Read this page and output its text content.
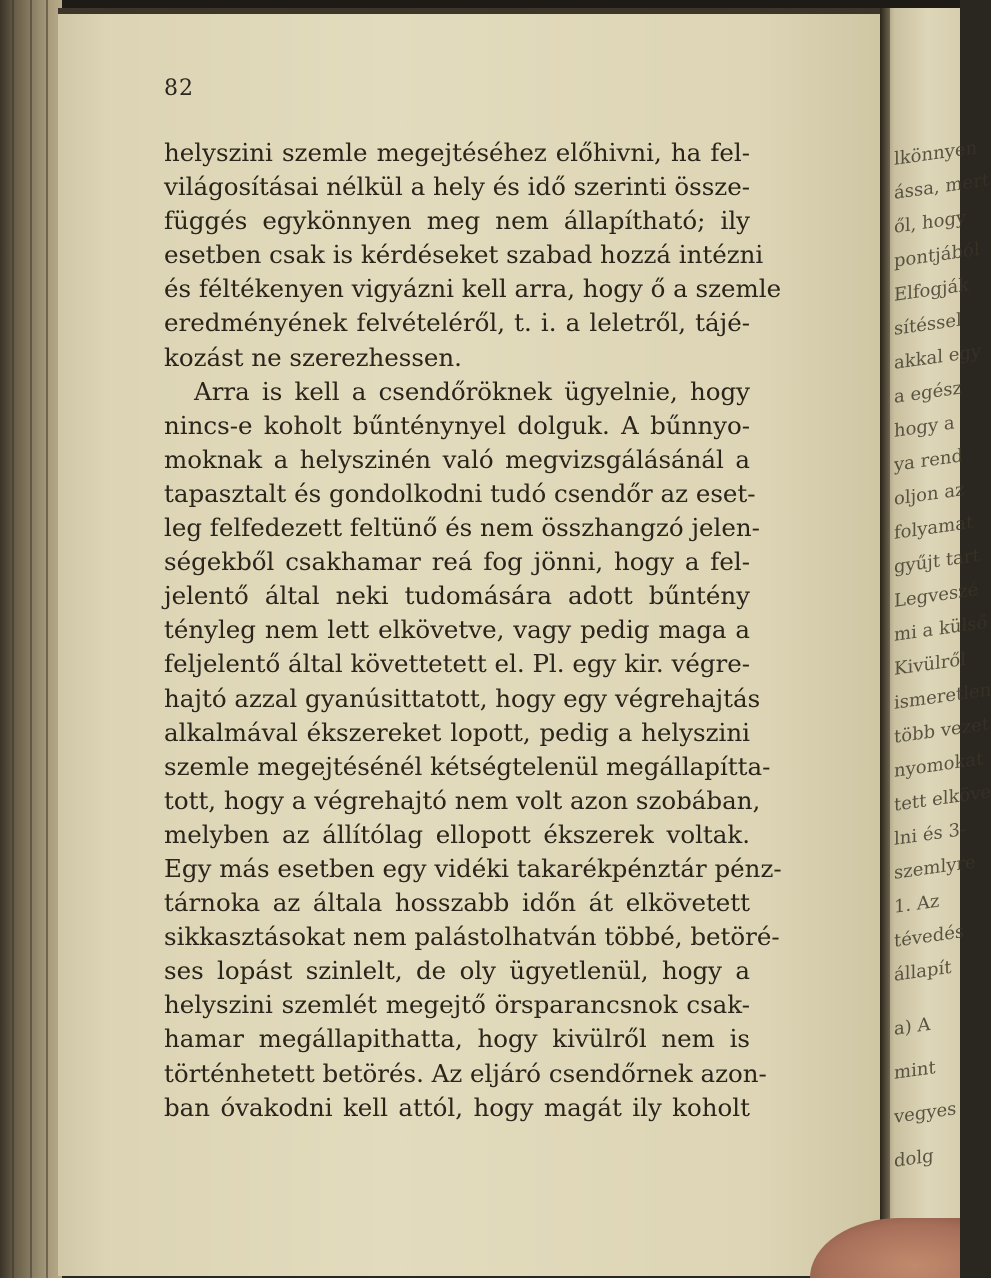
82
helyszini szemle megejtéséhez előhivni, ha fel-
világosításai nélkül a hely és idő szerinti össze-
függés egykönnyen meg nem állapítható; ily
esetben csak is kérdéseket szabad hozzá intézni
és féltékenyen vigyázni kell arra, hogy ő a szemle
eredményének felvételéről, t. i. a leletről, tájé-
kozást ne szerezhessen.
Arra is kell a csendőröknek ügyelnie, hogy
nincs-e koholt bűnténynyel dolguk. A bűnnyo-
moknak a helyszinén való megvizsgálásánál a
tapasztalt és gondolkodni tudó csendőr az eset-
leg felfedezett feltünő és nem összhangzó jelen-
ségekből csakhamar reá fog jönni, hogy a fel-
jelentő által neki tudomására adott bűntény
tényleg nem lett elkövetve, vagy pedig maga a
feljelentő által követtetett el. Pl. egy kir. végre-
hajtó azzal gyanúsittatott, hogy egy végrehajtás
alkalmával ékszereket lopott, pedig a helyszini
szemle megejtésénél kétségtelenül megállapítta-
tott, hogy a végrehajtó nem volt azon szobában,
melyben az állítólag ellopott ékszerek voltak.
Egy más esetben egy vidéki takarékpénztár pénz-
tárnoka az általa hosszabb időn át elkövetett
sikkasztásokat nem palástolhatván többé, betöré-
ses lopást szinlelt, de oly ügyetlenül, hogy a
helyszini szemlét megejtő örsparancsnok csak-
hamar megállapithatta, hogy kivülről nem is
történhetett betörés. Az eljáró csendőrnek azon-
ban óvakodni kell attól, hogy magát ily koholt
lkönnyen
ássa, mert
ől, hogy
pontjából
Elfogják
sítéssel
akkal egy
a egész
hogy a
ya rend
oljon az
folyamat
gyűjt tart
Legveszé
mi a külső
Kivülről
ismeretlen
több vezet
nyomokat
tett elköve
lni és 3-
szemlyre
1. Az
tévedés
állapít
a) A
mint
vegyes
dolg
